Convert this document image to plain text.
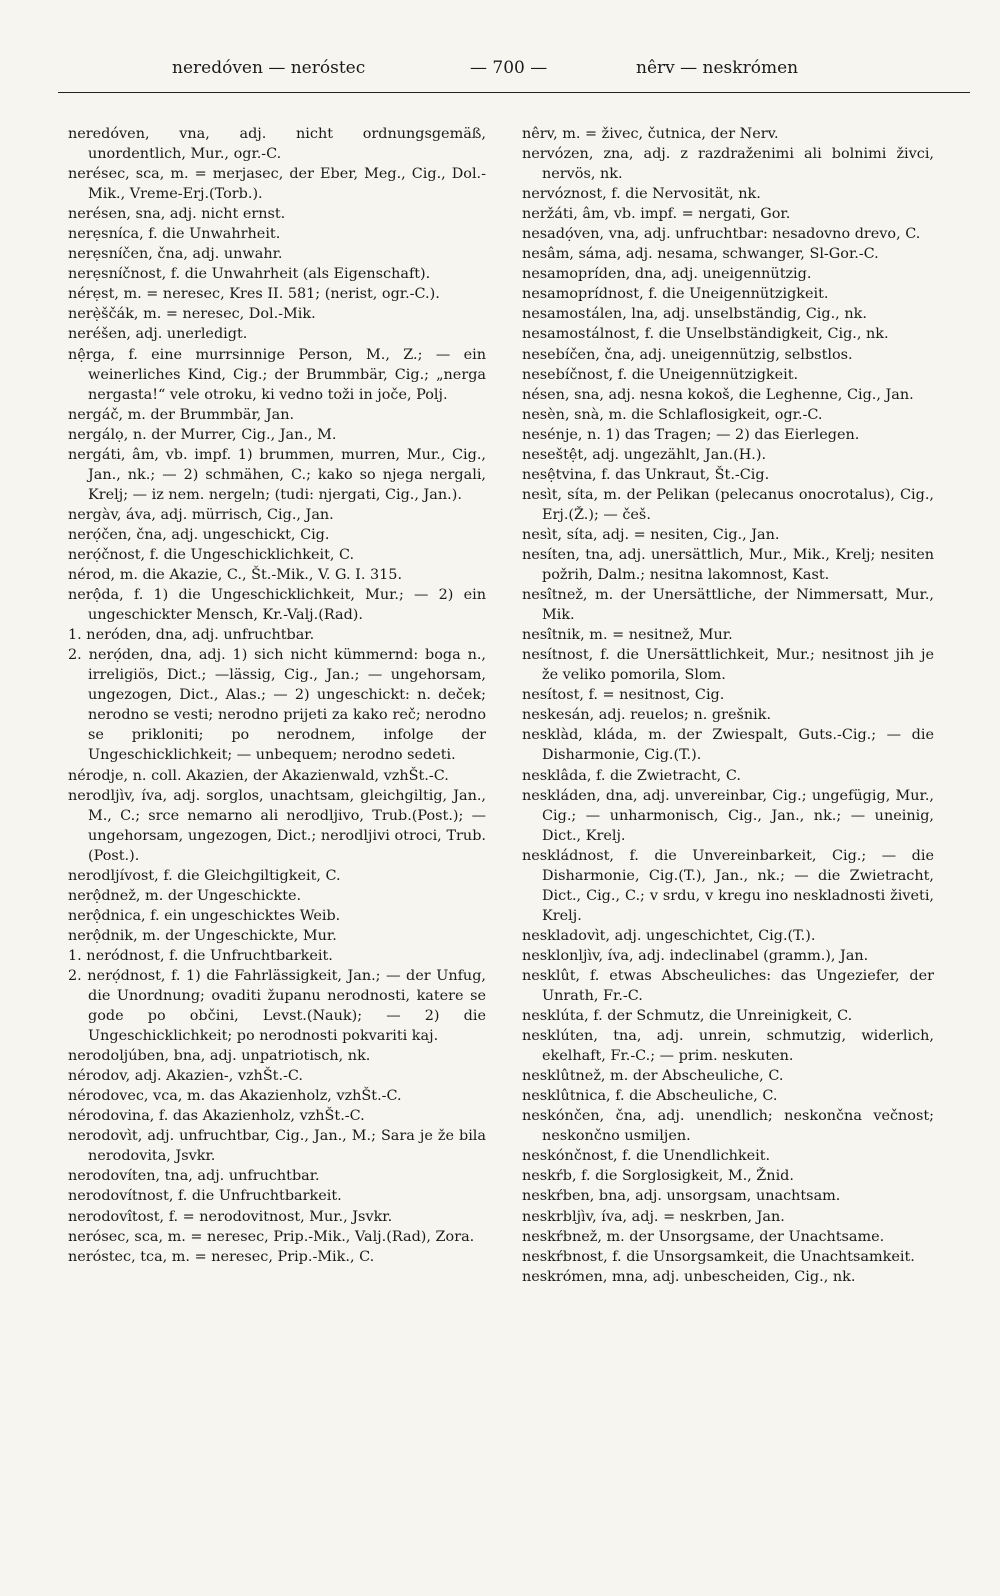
neredóven — neróstec	— 700 —	nêrv — neskrómen

neredóven, vna, adj. nicht ordnungsgemäß, unordentlich, Mur., ogr.-C.

nerésec, sca, m. = merjasec, der Eber, Meg., Cig., Dol.-Mik., Vreme-Erj.(Torb.).

nerésen, sna, adj. nicht ernst.

nerẹsníca, f. die Unwahrheit.

nerẹsníčen, čna, adj. unwahr.

nerẹsníčnost, f. die Unwahrheit (als Eigenschaft).

nérẹst, m. = neresec, Kres II. 581; (nerist, ogr.-C.).

nerẹ̀ščák, m. = neresec, Dol.-Mik.

neréšen, adj. unerledigt.

nệrga, f. eine murrsinnige Person, M., Z.; — ein weinerliches Kind, Cig.; der Brummbär, Cig.; „nerga nergasta!“ vele otroku, ki vedno toži in joče, Polj.

nergáč, m. der Brummbär, Jan.

nergálọ, n. der Murrer, Cig., Jan., M.

nergáti, âm, vb. impf. 1) brummen, murren, Mur., Cig., Jan., nk.; — 2) schmähen, C.; kako so njega nergali, Krelj; — iz nem. nergeln; (tudi: njergati, Cig., Jan.).

nergàv, áva, adj. mürrisch, Cig., Jan.

nerọ́čen, čna, adj. ungeschickt, Cig.

nerọ́čnost, f. die Ungeschicklichkeit, C.

nérod, m. die Akazie, C., Št.-Mik., V. G. I. 315.

nerộda, f. 1) die Ungeschicklichkeit, Mur.; — 2) ein ungeschickter Mensch, Kr.-Valj.(Rad).

1. neróden, dna, adj. unfruchtbar.

2. nerọ́den, dna, adj. 1) sich nicht kümmernd: boga n., irreligiös, Dict.; —lässig, Cig., Jan.; — ungehorsam, ungezogen, Dict., Alas.; — 2) ungeschickt: n. deček; nerodno se vesti; nerodno prijeti za kako reč; nerodno se prikloniti; po nerodnem, infolge der Ungeschicklichkeit; — unbequem; nerodno sedeti.

nérodje, n. coll. Akazien, der Akazienwald, vzhŠt.-C.

nerodljìv, íva, adj. sorglos, unachtsam, gleichgiltig, Jan., M., C.; srce nemarno ali nerodljivo, Trub.(Post.); — ungehorsam, ungezogen, Dict.; nerodljivi otroci, Trub.(Post.).

nerodljívost, f. die Gleichgiltigkeit, C.

nerộdnež, m. der Ungeschickte.

nerộdnica, f. ein ungeschicktes Weib.

nerộdnik, m. der Ungeschickte, Mur.

1. neródnost, f. die Unfruchtbarkeit.

2. nerọ́dnost, f. 1) die Fahrlässigkeit, Jan.; — der Unfug, die Unordnung; ovaditi županu nerodnosti, katere se gode po občini, Levst.(Nauk); — 2) die Ungeschicklichkeit; po nerodnosti pokvariti kaj.

nerodoljúben, bna, adj. unpatriotisch, nk.

nérodov, adj. Akazien-, vzhŠt.-C.

nérodovec, vca, m. das Akazienholz, vzhŠt.-C.

nérodovina, f. das Akazienholz, vzhŠt.-C.

nerodovìt, adj. unfruchtbar, Cig., Jan., M.; Sara je že bila nerodovita, Jsvkr.

nerodovíten, tna, adj. unfruchtbar.

nerodovítnost, f. die Unfruchtbarkeit.

nerodovîtost, f. = nerodovitnost, Mur., Jsvkr.

nerósec, sca, m. = neresec, Prip.-Mik., Valj.(Rad), Zora.

neróstec, tca, m. = neresec, Prip.-Mik., C.

nêrv, m. = živec, čutnica, der Nerv.

nervózen, zna, adj. z razdraženimi ali bolnimi živci, nervös, nk.

nervóznost, f. die Nervosität, nk.

neržáti, âm, vb. impf. = nergati, Gor.

nesadọ́ven, vna, adj. unfruchtbar: nesadovno drevo, C.

nesâm, sáma, adj. nesama, schwanger, Sl-Gor.-C.

nesamopríden, dna, adj. uneigennützig.

nesamoprídnost, f. die Uneigennützigkeit.

nesamostálen, lna, adj. unselbständig, Cig., nk.

nesamostálnost, f. die Unselbständigkeit, Cig., nk.

nesebíčen, čna, adj. uneigennützig, selbstlos.

nesebíčnost, f. die Uneigennützigkeit.

nésen, sna, adj. nesna kokoš, die Leghenne, Cig., Jan.

nesèn, snà, m. die Schlaflosigkeit, ogr.-C.

nesénje, n. 1) das Tragen; — 2) das Eierlegen.

neseštệt, adj. ungezählt, Jan.(H.).

nesệtvina, f. das Unkraut, Št.-Cig.

nesìt, síta, m. der Pelikan (pelecanus onocrotalus), Cig., Erj.(Ž.); — češ.

nesìt, síta, adj. = nesiten, Cig., Jan.

nesíten, tna, adj. unersättlich, Mur., Mik., Krelj; nesiten požrih, Dalm.; nesitna lakomnost, Kast.

nesîtnež, m. der Unersättliche, der Nimmersatt, Mur., Mik.

nesîtnik, m. = nesitnež, Mur.

nesítnost, f. die Unersättlichkeit, Mur.; nesitnost jih je že veliko pomorila, Slom.

nesítost, f. = nesitnost, Cig.

neskesán, adj. reuelos; n. grešnik.

nesklàd, kláda, m. der Zwiespalt, Guts.-Cig.; — die Disharmonie, Cig.(T.).

nesklâda, f. die Zwietracht, C.

neskláden, dna, adj. unvereinbar, Cig.; ungefügig, Mur., Cig.; — unharmonisch, Cig., Jan., nk.; — uneinig, Dict., Krelj.

neskládnost, f. die Unvereinbarkeit, Cig.; — die Disharmonie, Cig.(T.), Jan., nk.; — die Zwietracht, Dict., Cig., C.; v srdu, v kregu ino neskladnosti živeti, Krelj.

neskladovìt, adj. ungeschichtet, Cig.(T.).

nesklonljìv, íva, adj. indeclinabel (gramm.), Jan.

nesklût, f. etwas Abscheuliches: das Ungeziefer, der Unrath, Fr.-C.

nesklúta, f. der Schmutz, die Unreinigkeit, C.

nesklúten, tna, adj. unrein, schmutzig, widerlich, ekelhaft, Fr.-C.; — prim. neskuten.

nesklûtnež, m. der Abscheuliche, C.

nesklûtnica, f. die Abscheuliche, C.

neskónčen, čna, adj. unendlich; neskončna večnost; neskončno usmiljen.

neskónčnost, f. die Unendlichkeit.

neskŕb, f. die Sorglosigkeit, M., Žnid.

neskŕben, bna, adj. unsorgsam, unachtsam.

neskrbljìv, íva, adj. = neskrben, Jan.

neskŕbnež, m. der Unsorgsame, der Unachtsame.

neskŕbnost, f. die Unsorgsamkeit, die Unachtsamkeit.

neskrómen, mna, adj. unbescheiden, Cig., nk.
